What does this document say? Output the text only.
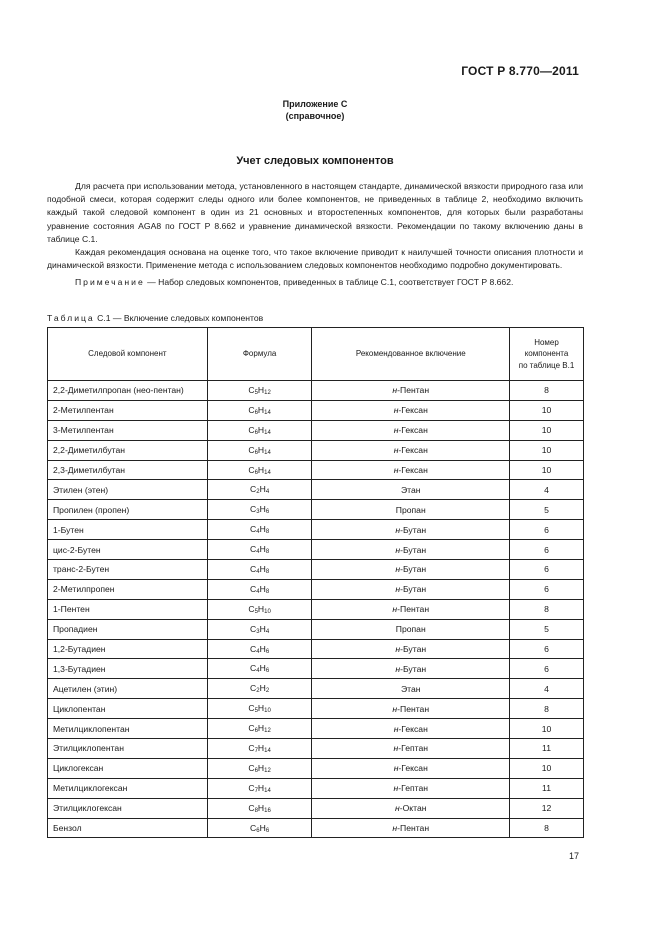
ГОСТ Р 8.770—2011
Приложение С
(справочное)
Учет следовых компонентов

Для расчета при использовании метода, установленного в настоящем стандарте, динамической вязкости природного газа или подобной смеси, которая содержит следы одного или более компонентов, не приведенных в таблице 2, необходимо включить каждый такой следовой компонент в один из 21 основных и второстепенных компонентов, для которых были разработаны уравнение состояния AGA8 по ГОСТ Р 8.662 и уравнение динамической вязкости. Рекомендации по такому включению даны в таблице С.1.

Каждая рекомендация основана на оценке того, что такое включение приводит к наилучшей точности описания плотности и динамической вязкости. Применение метода с использованием следовых компонентов необходимо подробно документировать.

Примечание — Набор следовых компонентов, приведенных в таблице С.1, соответствует ГОСТ Р 8.662.

Таблица С.1 — Включение следовых компонентов
Следовой компонент	Формула	Рекомендованное включение	Номер
компонента
по таблице В.1

2,2-Диметилпропан (нео-пентан)	$C_5H_{12}$	н-Пентан	8
2-Метилпентан	$C_6H_{14}$	н-Гексан	10
3-Метилпентан	$C_6H_{14}$	н-Гексан	10
2,2-Диметилбутан	$C_6H_{14}$	н-Гексан	10
2,3-Диметилбутан	$C_6H_{14}$	н-Гексан	10
Этилен (этен)	$C_2H_4$	Этан	4
Пропилен (пропен)	$C_3H_6$	Пропан	5
1-Бутен	$C_4H_8$	н-Бутан	6
цис-2-Бутен	$C_4H_8$	н-Бутан	6
транс-2-Бутен	$C_4H_8$	н-Бутан	6
2-Метилпропен	$C_4H_8$	н-Бутан	6
1-Пентен	$C_5H_{10}$	н-Пентан	8
Пропадиен	$C_3H_4$	Пропан	5
1,2-Бутадиен	$C_4H_6$	н-Бутан	6
1,3-Бутадиен	$C_4H_6$	н-Бутан	6
Ацетилен (этин)	$C_2H_2$	Этан	4
Циклопентан	$C_5H_{10}$	н-Пентан	8
Метилциклопентан	$C_6H_{12}$	н-Гексан	10
Этилциклопентан	$C_7H_{14}$	н-Гептан	11
Циклогексан	$C_6H_{12}$	н-Гексан	10
Метилциклогексан	$C_7H_{14}$	н-Гептан	11
Этилциклогексан	$C_8H_{16}$	н-Октан	12
Бензол	$C_6H_6$	н-Пентан	8
17
